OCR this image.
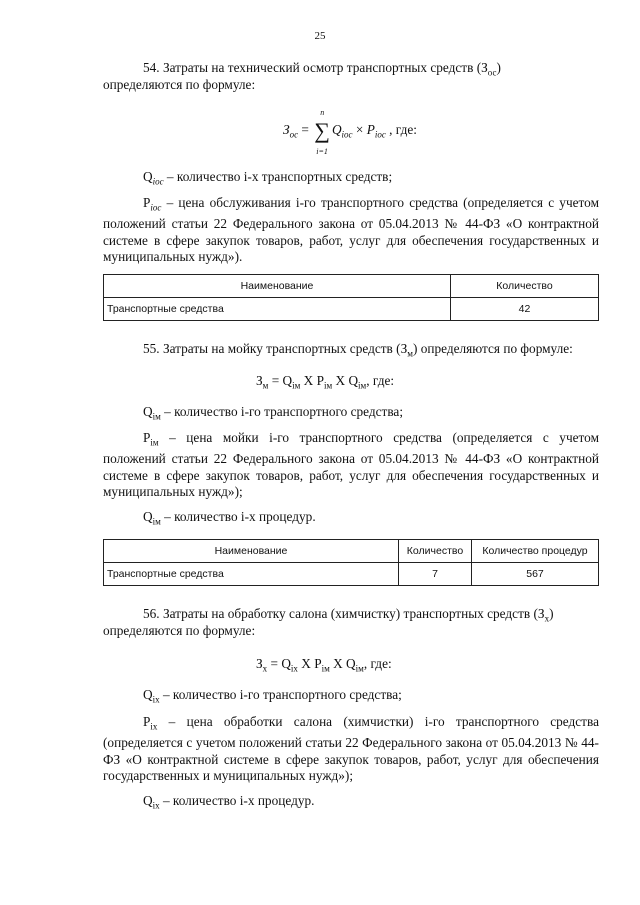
25
54. Затраты на технический осмотр транспортных средств $(З_{ос})$
определяются по формуле:
$З_{ос}$ = ∑
n
i=1
$Q_{iос} \times P_{iос}$ , где:
$Q_{iос}$ – количество i-х транспортных средств;
$P_{iос}$ – цена обслуживания i-го транспортного средства (определяется с учетом положений статьи 22 Федерального закона от 05.04.2013 № 44-ФЗ «О контрактной системе в сфере закупок товаров, работ, услуг для обеспечения государственных и муниципальных нужд»).
Наименование	Количество
Транспортные средства	42
55. Затраты на мойку транспортных средств $(З_м)$ определяются по формуле:
$З_м = Q_{iм}$ X $P_{iм}$ X $Q_{iм}$, где:
$Q_{iм}$ – количество i-го транспортного средства;
$P_{iм}$ – цена мойки i-го транспортного средства (определяется с учетом положений статьи 22 Федерального закона от 05.04.2013 № 44-ФЗ «О контрактной системе в сфере закупок товаров, работ, услуг для обеспечения государственных и муниципальных нужд»);
$Q_{iм}$ – количество i-х процедур.
Наименование	Количество	Количество процедур
Транспортные средства	7	567
56. Затраты на обработку салона (химчистку) транспортных средств $(З_х)$
определяются по формуле:
$З_х = Q_{iх}$ X $P_{iм}$ X $Q_{iм}$, где:
$Q_{iх}$ – количество i-го транспортного средства;
$P_{iх}$ – цена обработки салона (химчистки) i-го транспортного средства (определяется с учетом положений статьи 22 Федерального закона от 05.04.2013 № 44-ФЗ «О контрактной системе в сфере закупок товаров, работ, услуг для обеспечения государственных и муниципальных нужд»);
$Q_{iх}$ – количество i-х процедур.
